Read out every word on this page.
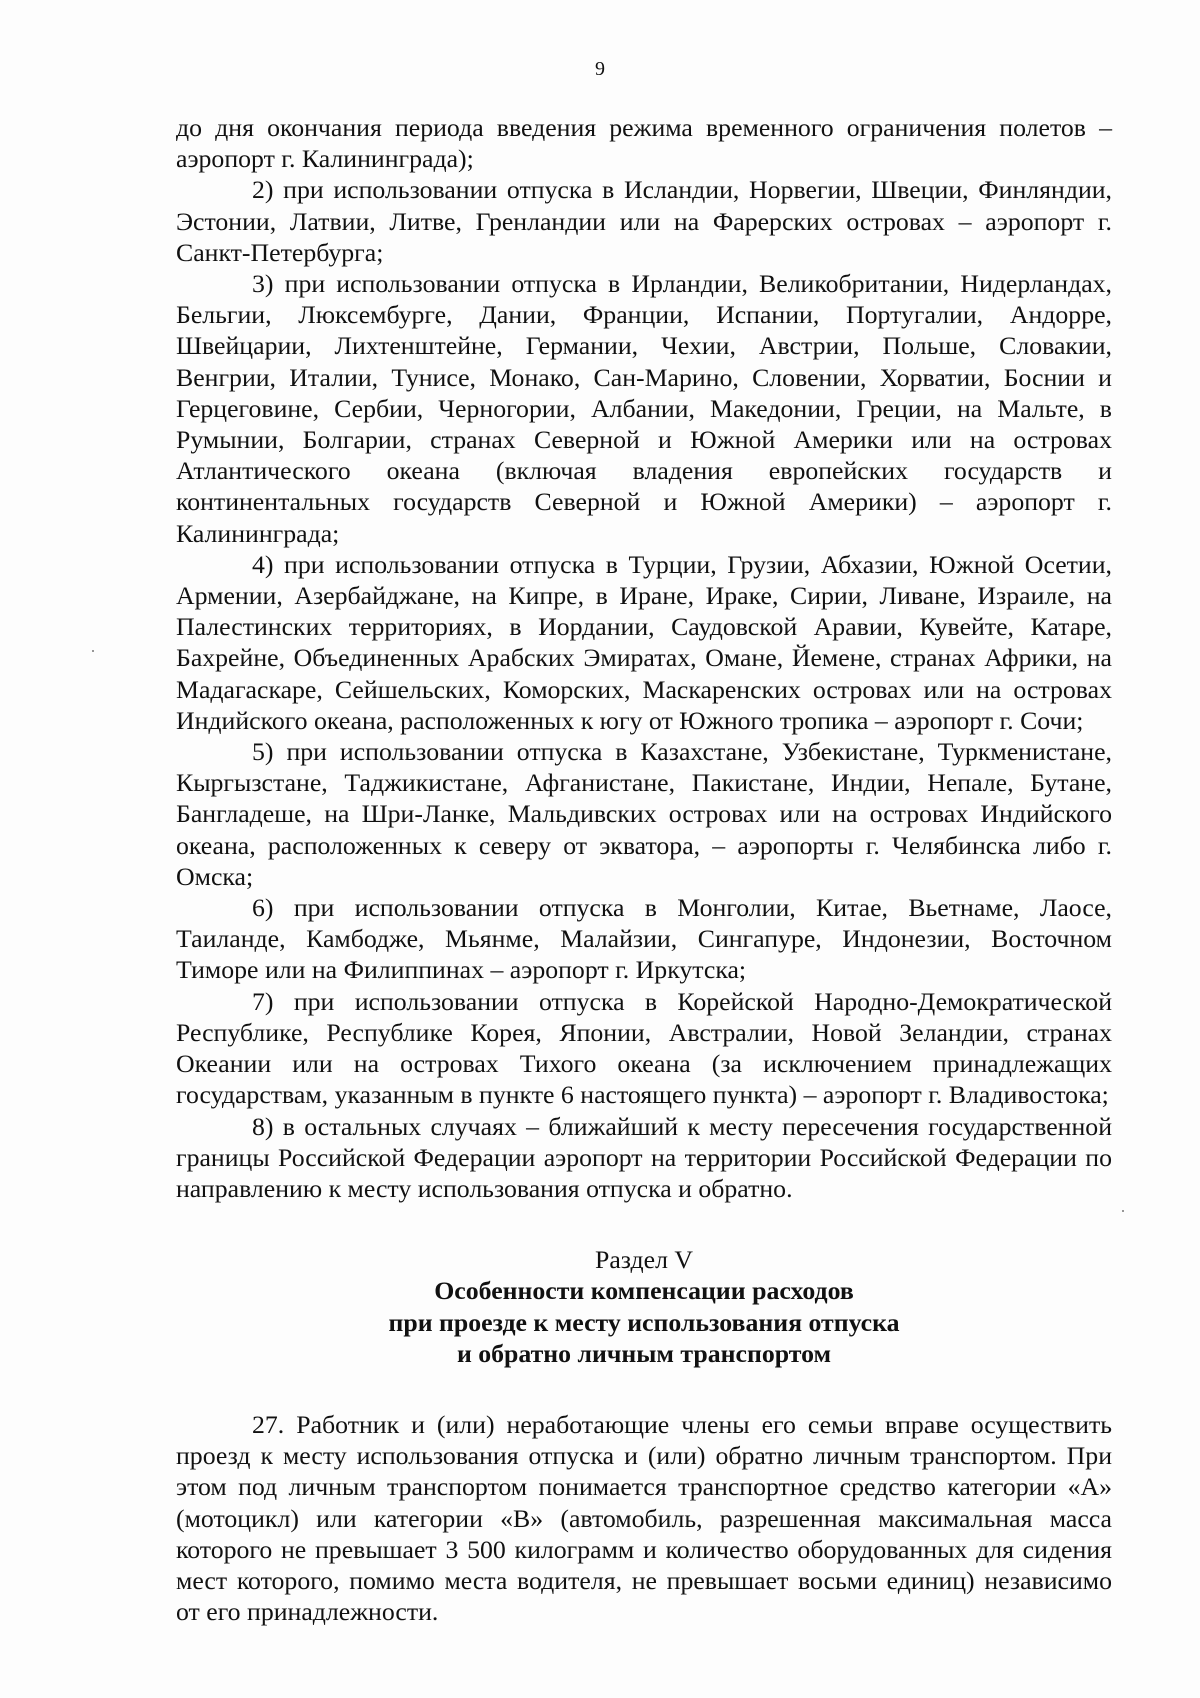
9

до дня окончания периода введения режима временного ограничения полетов – аэропорт г. Калининграда);

2) при использовании отпуска в Исландии, Норвегии, Швеции, Финляндии, Эстонии, Латвии, Литве, Гренландии или на Фарерских островах – аэропорт г. Санкт-Петербурга;

3) при использовании отпуска в Ирландии, Великобритании, Нидерландах, Бельгии, Люксембурге, Дании, Франции, Испании, Португалии, Андорре, Швейцарии, Лихтенштейне, Германии, Чехии, Австрии, Польше, Словакии, Венгрии, Италии, Тунисе, Монако, Сан-Марино, Словении, Хорватии, Боснии и Герцеговине, Сербии, Черногории, Албании, Македонии, Греции, на Мальте, в Румынии, Болгарии, странах Северной и Южной Америки или на островах Атлантического океана (включая владения европейских государств и континентальных государств Северной и Южной Америки) – аэропорт г. Калининграда;

4) при использовании отпуска в Турции, Грузии, Абхазии, Южной Осетии, Армении, Азербайджане, на Кипре, в Иране, Ираке, Сирии, Ливане, Израиле, на Палестинских территориях, в Иордании, Саудовской Аравии, Кувейте, Катаре, Бахрейне, Объединенных Арабских Эмиратах, Омане, Йемене, странах Африки, на Мадагаскаре, Сейшельских, Коморских, Маскаренских островах или на островах Индийского океана, расположенных к югу от Южного тропика – аэропорт г. Сочи;

5) при использовании отпуска в Казахстане, Узбекистане, Туркменистане, Кыргызстане, Таджикистане, Афганистане, Пакистане, Индии, Непале, Бутане, Бангладеше, на Шри-Ланке, Мальдивских островах или на островах Индийского океана, расположенных к северу от экватора, – аэропорты г. Челябинска либо г. Омска;

6) при использовании отпуска в Монголии, Китае, Вьетнаме, Лаосе, Таиланде, Камбодже, Мьянме, Малайзии, Сингапуре, Индонезии, Восточном Тиморе или на Филиппинах – аэропорт г. Иркутска;

7) при использовании отпуска в Корейской Народно-Демократической Республике, Республике Корея, Японии, Австралии, Новой Зеландии, странах Океании или на островах Тихого океана (за исключением принадлежащих государствам, указанным в пункте 6 настоящего пункта) – аэропорт г. Владивостока;

8) в остальных случаях – ближайший к месту пересечения государственной границы Российской Федерации аэропорт на территории Российской Федерации по направлению к месту использования отпуска и обратно.

Раздел V

Особенности компенсации расходов

при проезде к месту использования отпуска

и обратно личным транспортом

27. Работник и (или) неработающие члены его семьи вправе осуществить проезд к месту использования отпуска и (или) обратно личным транспортом. При этом под личным транспортом понимается транспортное средство категории «А» (мотоцикл) или категории «В» (автомобиль, разрешенная максимальная масса которого не превышает 3 500 килограмм и количество оборудованных для сидения мест которого, помимо места водителя, не превышает восьми единиц) независимо от его принадлежности.
